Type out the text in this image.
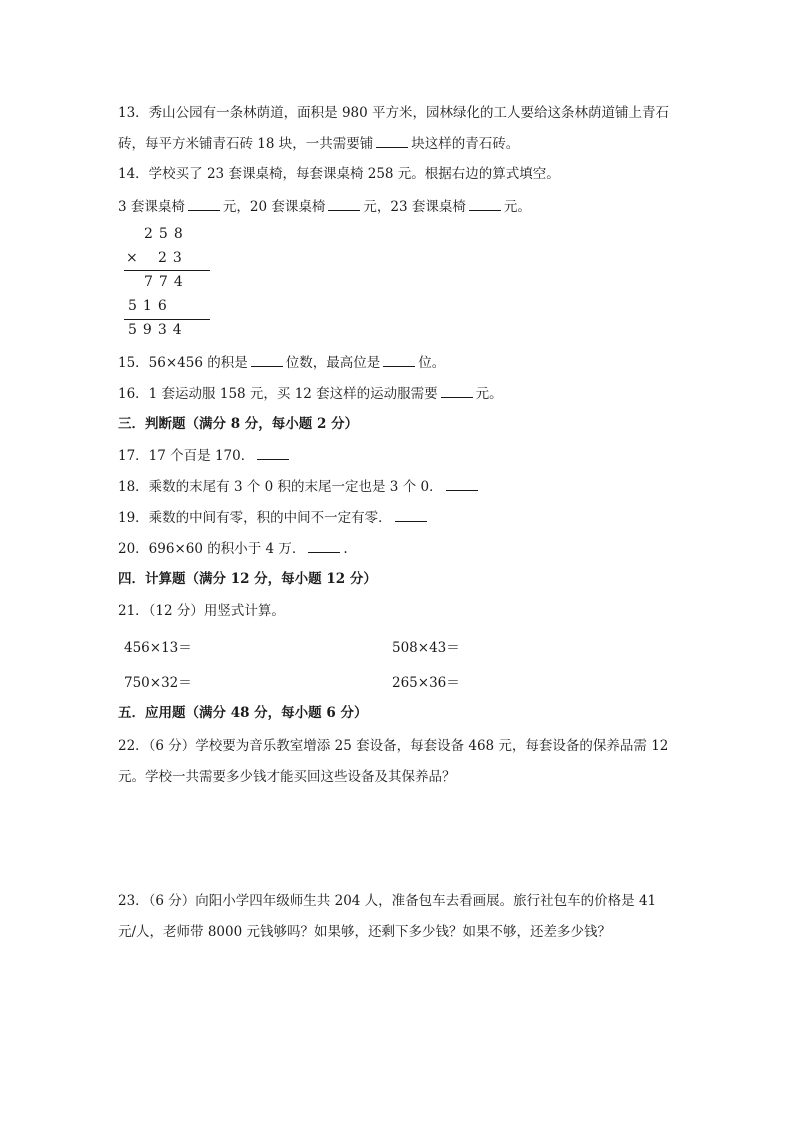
13．秀山公园有一条林荫道，面积是 980 平方米，园林绿化的工人要给这条林荫道铺上青石
砖，每平方米铺青石砖 18 块，一共需要铺	块这样的青石砖。
14．学校买了 23 套课桌椅，每套课桌椅 258 元。根据右边的算式填空。
3 套课桌椅	元，20 套课桌椅	元，23 套课桌椅	元。
258
× 23
774
516
5934
15．56×456 的积是	位数，最高位是	位。
16．1 套运动服 158 元，买 12 套这样的运动服需要	元。
三．判断题（满分 8 分，每小题 2 分）
17．17 个百是 170．
18．乘数的末尾有 3 个 0 积的末尾一定也是 3 个 0．
19．乘数的中间有零，积的中间不一定有零．
20．696×60 的积小于 4 万．	.
四．计算题（满分 12 分，每小题 12 分）
21．（12 分）用竖式计算。
456×13＝	508×43＝
750×32＝	265×36＝
五．应用题（满分 48 分，每小题 6 分）
22．（6 分）学校要为音乐教室增添 25 套设备，每套设备 468 元，每套设备的保养品需 12
元。学校一共需要多少钱才能买回这些设备及其保养品？
23．（6 分）向阳小学四年级师生共 204 人，准备包车去看画展。旅行社包车的价格是 41
元/人，老师带 8000 元钱够吗？如果够，还剩下多少钱？如果不够，还差多少钱？
